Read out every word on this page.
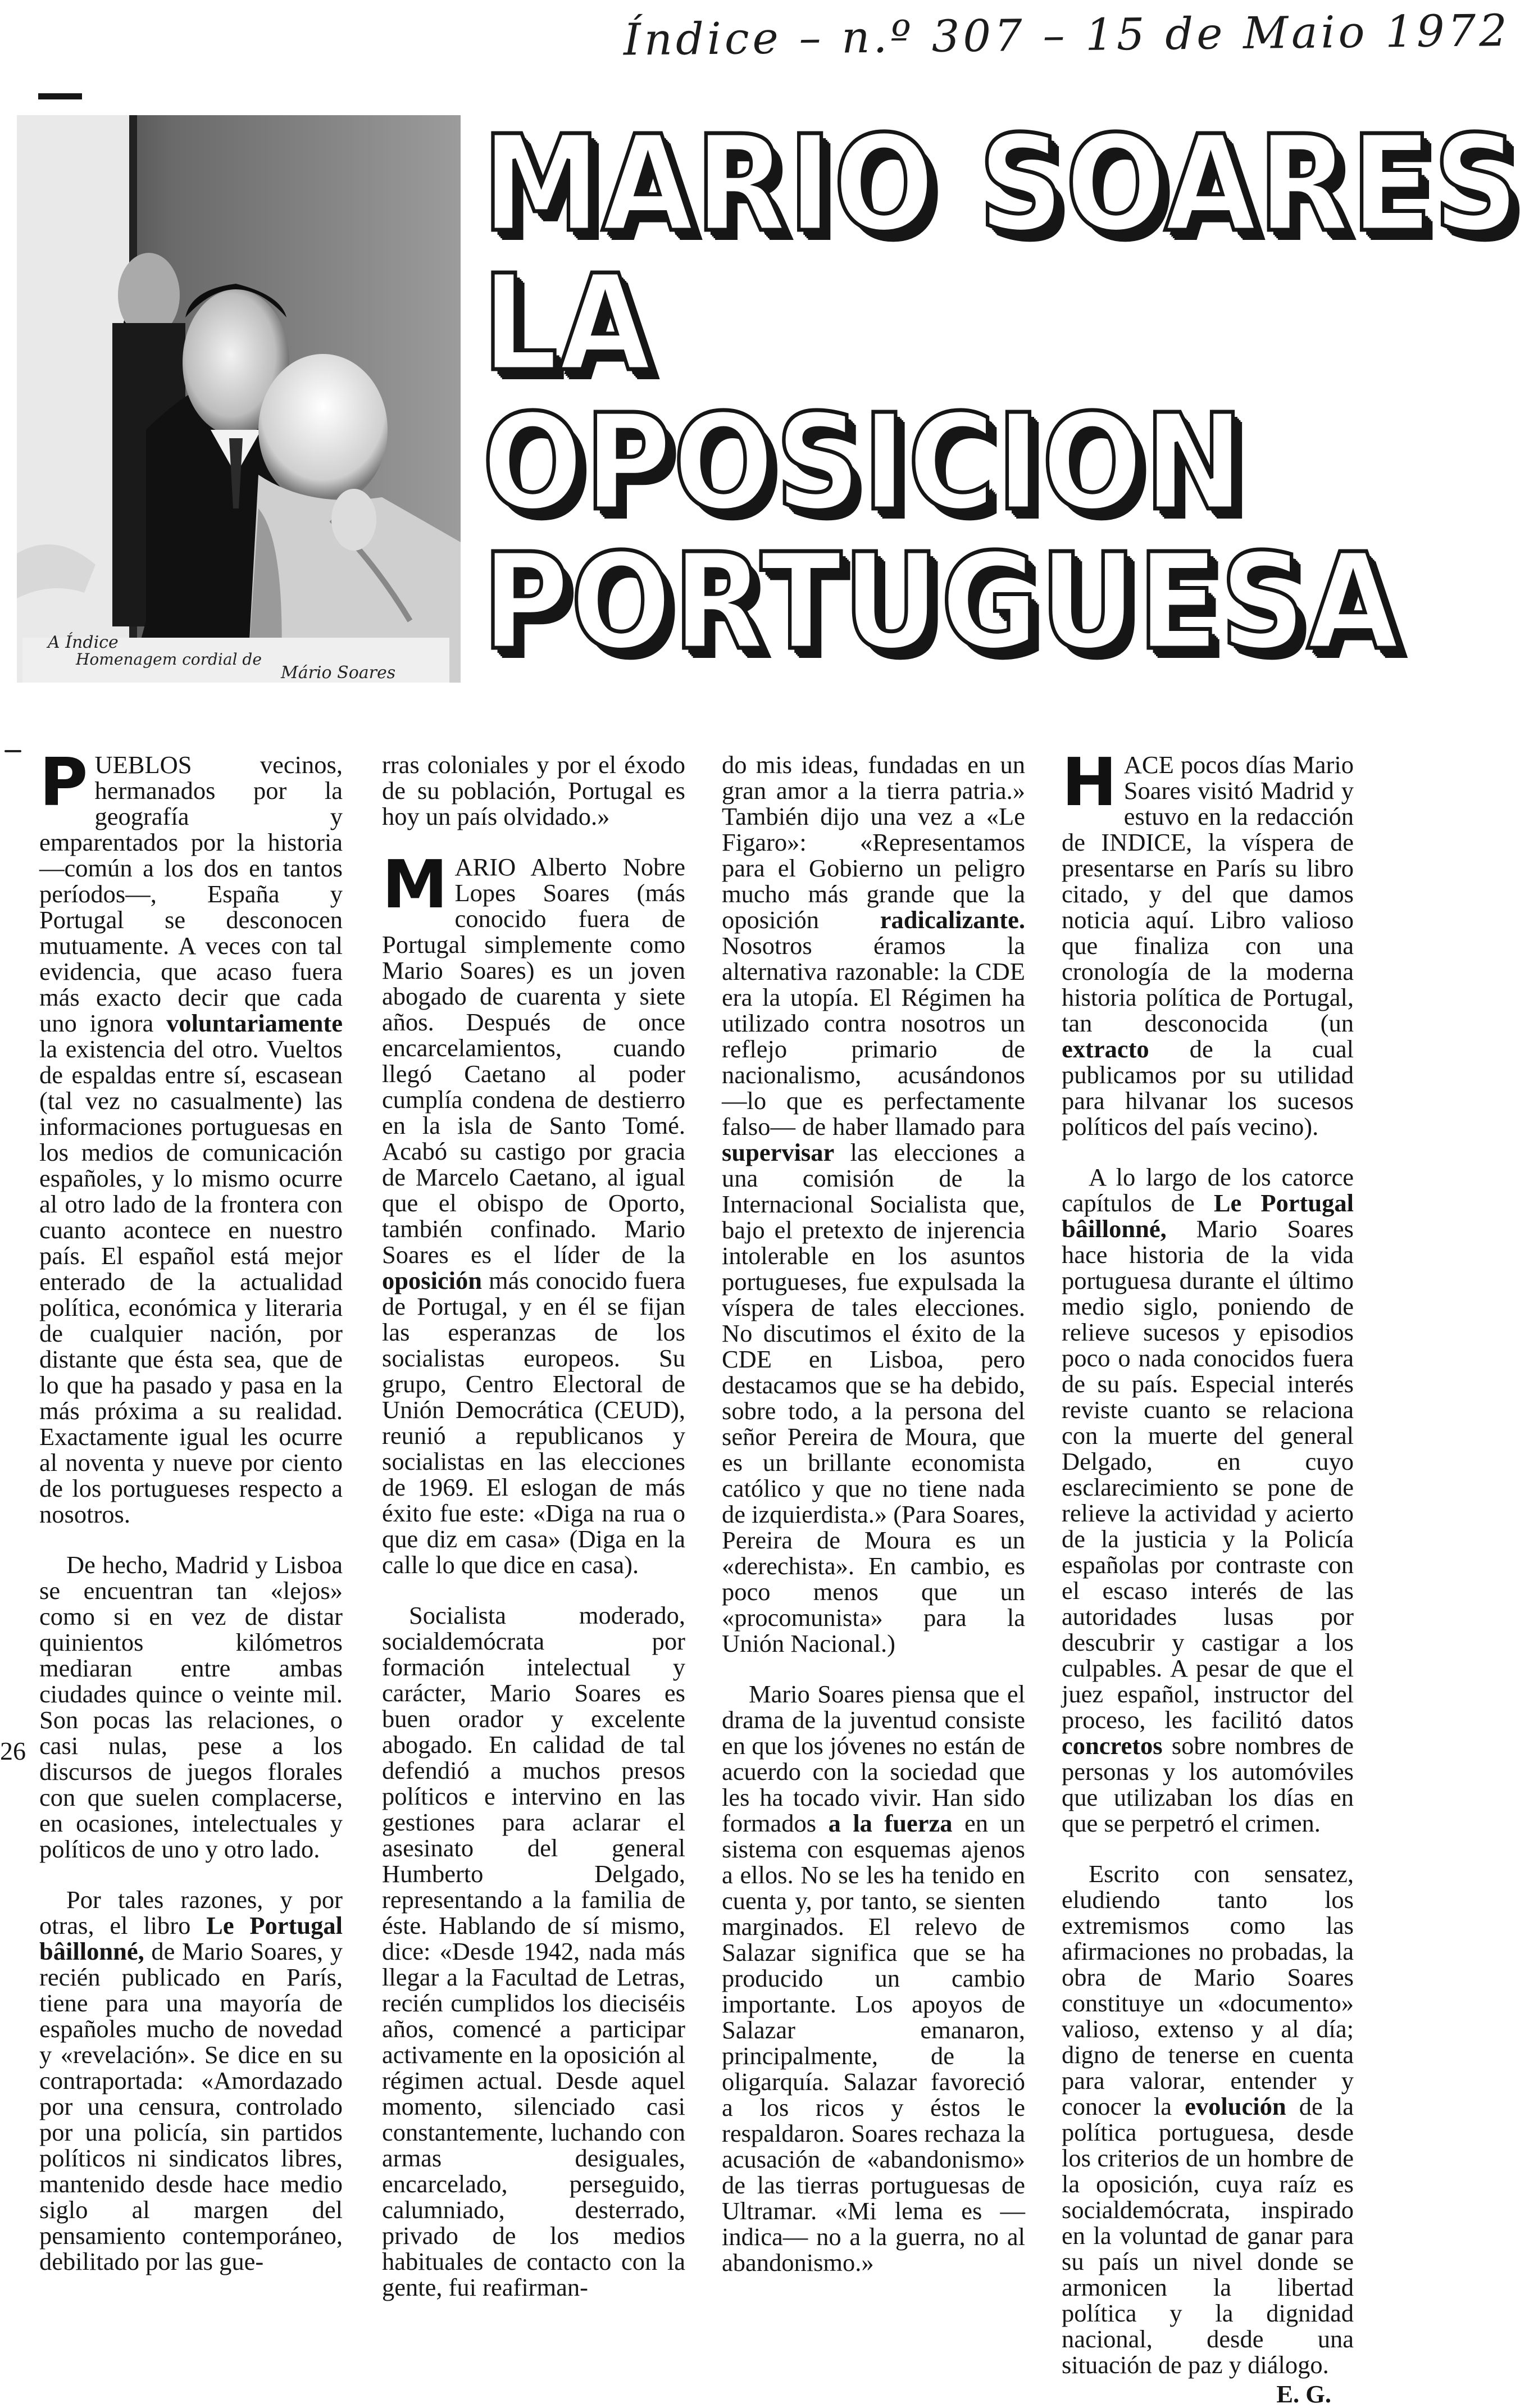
Índice – n.º 307 – 15 de Maio 1972
A Índice
Homenagem cordial de
Mário Soares
MARIO SOARES
LA
OPOSICION
PORTUGUESA

PUEBLOS vecinos, hermanados por la geografía y emparentados por la historia —común a los dos en tantos períodos—, España y Portugal se desconocen mutuamente. A veces con tal evidencia, que acaso fuera más exacto decir que cada uno ignora voluntariamente la existencia del otro. Vueltos de espaldas entre sí, escasean (tal vez no casualmente) las informaciones portuguesas en los medios de comunicación españoles, y lo mismo ocurre al otro lado de la frontera con cuanto acontece en nuestro país. El español está mejor enterado de la actualidad política, económica y literaria de cualquier nación, por distante que ésta sea, que de lo que ha pasado y pasa en la más próxima a su realidad. Exactamente igual les ocurre al noventa y nueve por ciento de los portugueses respecto a nosotros.

De hecho, Madrid y Lisboa se encuentran tan «lejos» como si en vez de distar quinientos kilómetros mediaran entre ambas ciudades quince o veinte mil. Son pocas las relaciones, o casi nulas, pese a los discursos de juegos florales con que suelen complacerse, en ocasiones, intelectuales y políticos de uno y otro lado.

Por tales razones, y por otras, el libro Le Portugal bâillonné, de Mario Soares, y recién publicado en París, tiene para una mayoría de españoles mucho de novedad y «revelación». Se dice en su contraportada: «Amordazado por una censura, controlado por una policía, sin partidos políticos ni sindicatos libres, mantenido desde hace medio siglo al margen del pensamiento contemporáneo, debilitado por las gue-

rras coloniales y por el éxodo de su población, Portugal es hoy un país olvidado.»

MARIO Alberto Nobre Lopes Soares (más conocido fuera de Portugal simplemente como Mario Soares) es un joven abogado de cuarenta y siete años. Después de once encarcelamientos, cuando llegó Caetano al poder cumplía condena de destierro en la isla de Santo Tomé. Acabó su castigo por gracia de Marcelo Caetano, al igual que el obispo de Oporto, también confinado. Mario Soares es el líder de la oposición más conocido fuera de Portugal, y en él se fijan las esperanzas de los socialistas europeos. Su grupo, Centro Electoral de Unión Democrática (CEUD), reunió a republicanos y socialistas en las elecciones de 1969. El eslogan de más éxito fue este: «Diga na rua o que diz em casa» (Diga en la calle lo que dice en casa).

Socialista moderado, socialdemócrata por formación intelectual y carácter, Mario Soares es buen orador y excelente abogado. En calidad de tal defendió a muchos presos políticos e intervino en las gestiones para aclarar el asesinato del general Humberto Delgado, representando a la familia de éste. Hablando de sí mismo, dice: «Desde 1942, nada más llegar a la Facultad de Letras, recién cumplidos los dieciséis años, comencé a participar activamente en la oposición al régimen actual. Desde aquel momento, silenciado casi constantemente, luchando con armas desiguales, encarcelado, perseguido, calumniado, desterrado, privado de los medios habituales de contacto con la gente, fui reafirman-

do mis ideas, fundadas en un gran amor a la tierra patria.» También dijo una vez a «Le Figaro»: «Representamos para el Gobierno un peligro mucho más grande que la oposición radicalizante. Nosotros éramos la alternativa razonable: la CDE era la utopía. El Régimen ha utilizado contra nosotros un reflejo primario de nacionalismo, acusándonos —lo que es perfectamente falso— de haber llamado para supervisar las elecciones a una comisión de la Internacional Socialista que, bajo el pretexto de injerencia intolerable en los asuntos portugueses, fue expulsada la víspera de tales elecciones. No discutimos el éxito de la CDE en Lisboa, pero destacamos que se ha debido, sobre todo, a la persona del señor Pereira de Moura, que es un brillante economista católico y que no tiene nada de izquierdista.» (Para Soares, Pereira de Moura es un «derechista». En cambio, es poco menos que un «procomunista» para la Unión Nacional.)

Mario Soares piensa que el drama de la juventud consiste en que los jóvenes no están de acuerdo con la sociedad que les ha tocado vivir. Han sido formados a la fuerza en un sistema con esquemas ajenos a ellos. No se les ha tenido en cuenta y, por tanto, se sienten marginados. El relevo de Salazar significa que se ha producido un cambio importante. Los apoyos de Salazar emanaron, principalmente, de la oligarquía. Salazar favoreció a los ricos y éstos le respaldaron. Soares rechaza la acusación de «abandonismo» de las tierras portuguesas de Ultramar. «Mi lema es —indica— no a la guerra, no al abandonismo.»

HACE pocos días Mario Soares visitó Madrid y estuvo en la redacción de INDICE, la víspera de presentarse en París su libro citado, y del que damos noticia aquí. Libro valioso que finaliza con una cronología de la moderna historia política de Portugal, tan desconocida (un extracto de la cual publicamos por su utilidad para hilvanar los sucesos políticos del país vecino).

A lo largo de los catorce capítulos de Le Portugal bâillonné, Mario Soares hace historia de la vida portuguesa durante el último medio siglo, poniendo de relieve sucesos y episodios poco o nada conocidos fuera de su país. Especial interés reviste cuanto se relaciona con la muerte del general Delgado, en cuyo esclarecimiento se pone de relieve la actividad y acierto de la justicia y la Policía españolas por contraste con el escaso interés de las autoridades lusas por descubrir y castigar a los culpables. A pesar de que el juez español, instructor del proceso, les facilitó datos concretos sobre nombres de personas y los automóviles que utilizaban los días en que se perpetró el crimen.

Escrito con sensatez, eludiendo tanto los extremismos como las afirmaciones no probadas, la obra de Mario Soares constituye un «documento» valioso, extenso y al día; digno de tenerse en cuenta para valorar, entender y conocer la evolución de la política portuguesa, desde los criterios de un hombre de la oposición, cuya raíz es socialdemócrata, inspirado en la voluntad de ganar para su país un nivel donde se armonicen la libertad política y la dignidad nacional, desde una situación de paz y diálogo.

E. G.
26
